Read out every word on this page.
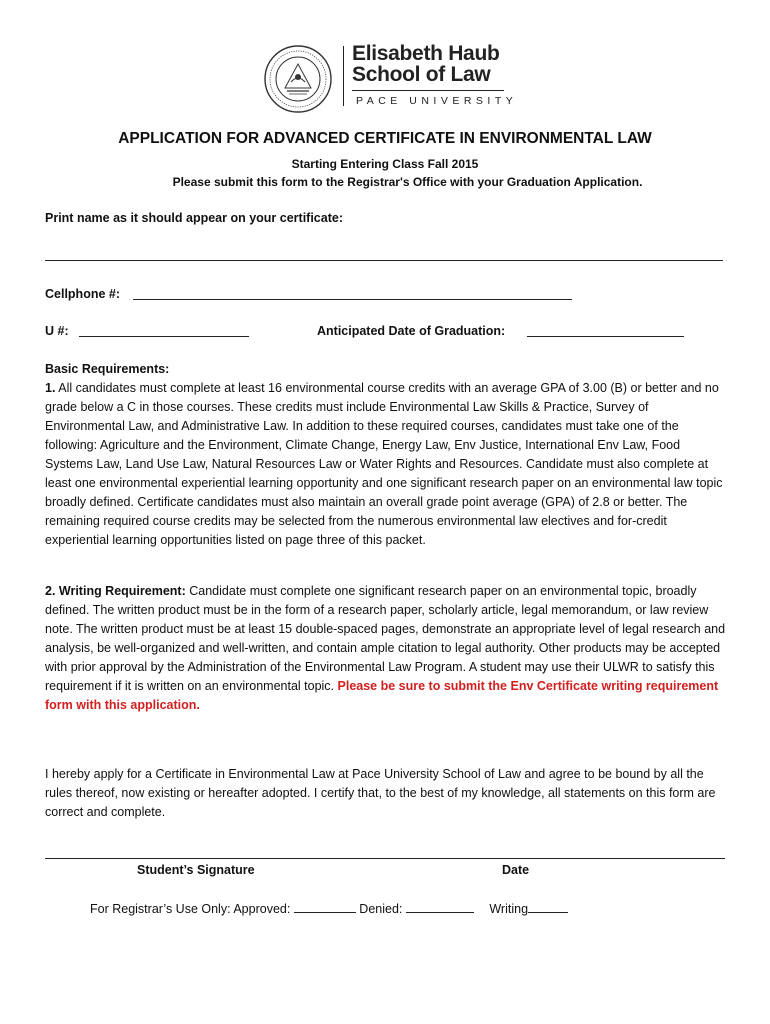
Elisabeth Haub
School of Law
PACE UNIVERSITY
APPLICATION FOR ADVANCED CERTIFICATE IN ENVIRONMENTAL LAW
Starting Entering Class Fall 2015
Please submit this form to the Registrar's Office with your Graduation Application.
Print name as it should appear on your certificate:
Cellphone #:
U #:	Anticipated Date of Graduation:
Basic Requirements:
1. All candidates must complete at least 16 environmental course credits with an average GPA of 3.00 (B) or better and no grade below a C in those courses. These credits must include Environmental Law Skills & Practice, Survey of Environmental Law, and Administrative Law. In addition to these required courses, candidates must take one of the following: Agriculture and the Environment, Climate Change, Energy Law, Env Justice, International Env Law, Food Systems Law, Land Use Law, Natural Resources Law or Water Rights and Resources. Candidate must also complete at least one environmental experiential learning opportunity and one significant research paper on an environmental law topic broadly defined. Certificate candidates must also maintain an overall grade point average (GPA) of 2.8 or better. The remaining required course credits may be selected from the numerous environmental law electives and for-credit experiential learning opportunities listed on page three of this packet.
2. Writing Requirement: Candidate must complete one significant research paper on an environmental topic, broadly defined. The written product must be in the form of a research paper, scholarly article, legal memorandum, or law review note. The written product must be at least 15 double-spaced pages, demonstrate an appropriate level of legal research and analysis, be well-organized and well-written, and contain ample citation to legal authority. Other products may be accepted with prior approval by the Administration of the Environmental Law Program. A student may use their ULWR to satisfy this requirement if it is written on an environmental topic. Please be sure to submit the Env Certificate writing requirement form with this application.
I hereby apply for a Certificate in Environmental Law at Pace University School of Law and agree to be bound by all the rules thereof, now existing or hereafter adopted. I certify that, to the best of my knowledge, all statements on this form are correct and complete.
Student’s Signature	Date
For Registrar’s Use Only: Approved:	Denied:	Writing
